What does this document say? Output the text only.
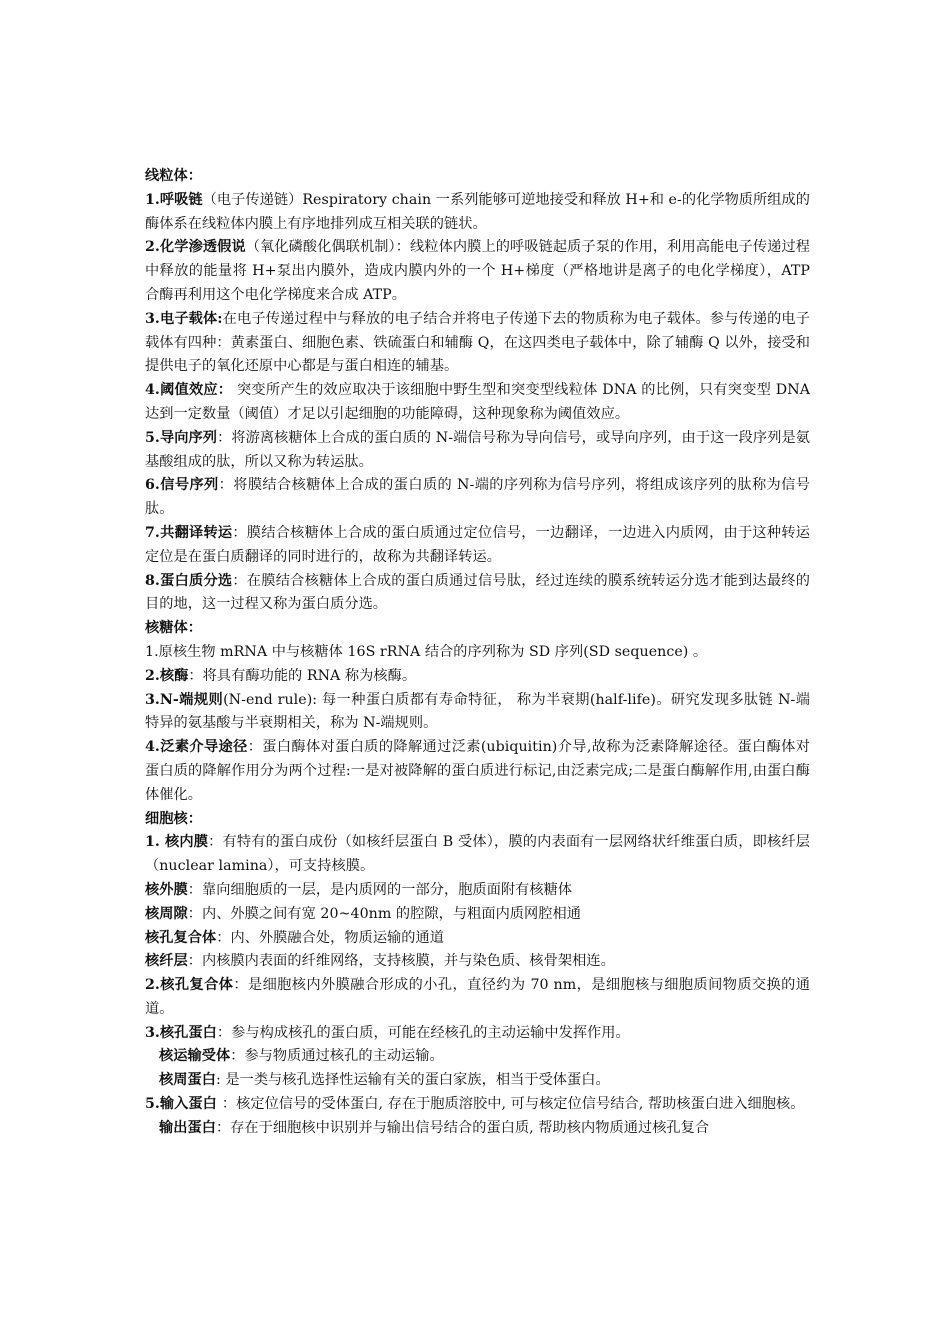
线粒体：

1.呼吸链（电子传递链）Respiratory chain 一系列能够可逆地接受和释放 H+和 e-的化学物质所组成的酶体系在线粒体内膜上有序地排列成互相关联的链状。

2.化学渗透假说（氧化磷酸化偶联机制）：线粒体内膜上的呼吸链起质子泵的作用，利用高能电子传递过程中释放的能量将 H+泵出内膜外，造成内膜内外的一个 H+梯度（严格地讲是离子的电化学梯度），ATP 合酶再利用这个电化学梯度来合成 ATP。

3.电子载体:在电子传递过程中与释放的电子结合并将电子传递下去的物质称为电子载体。参与传递的电子载体有四种：黄素蛋白、细胞色素、铁硫蛋白和辅酶 Q，在这四类电子载体中，除了辅酶 Q 以外，接受和提供电子的氧化还原中心都是与蛋白相连的辅基。

4.阈值效应： 突变所产生的效应取决于该细胞中野生型和突变型线粒体 DNA 的比例，只有突变型 DNA 达到一定数量（阈值）才足以引起细胞的功能障碍，这种现象称为阈值效应。

5.导向序列：将游离核糖体上合成的蛋白质的 N-端信号称为导向信号，或导向序列，由于这一段序列是氨基酸组成的肽，所以又称为转运肽。

6.信号序列：将膜结合核糖体上合成的蛋白质的 N-端的序列称为信号序列，将组成该序列的肽称为信号肽。

7.共翻译转运：膜结合核糖体上合成的蛋白质通过定位信号，一边翻译，一边进入内质网，由于这种转运定位是在蛋白质翻译的同时进行的，故称为共翻译转运。

8.蛋白质分选：在膜结合核糖体上合成的蛋白质通过信号肽，经过连续的膜系统转运分选才能到达最终的目的地，这一过程又称为蛋白质分选。

核糖体：

1.原核生物 mRNA 中与核糖体 16S rRNA 结合的序列称为 SD 序列(SD sequence) 。

2.核酶：将具有酶功能的 RNA 称为核酶。

3.N-端规则(N-end rule): 每一种蛋白质都有寿命特征， 称为半衰期(half-life)。研究发现多肽链 N-端特异的氨基酸与半衰期相关，称为 N-端规则。

4.泛素介导途径：蛋白酶体对蛋白质的降解通过泛素(ubiquitin)介导,故称为泛素降解途径。蛋白酶体对蛋白质的降解作用分为两个过程:一是对被降解的蛋白质进行标记,由泛素完成;二是蛋白酶解作用,由蛋白酶体催化。

细胞核：

1. 核内膜：有特有的蛋白成份（如核纤层蛋白 B 受体），膜的内表面有一层网络状纤维蛋白质，即核纤层（nuclear lamina），可支持核膜。

核外膜：靠向细胞质的一层，是内质网的一部分，胞质面附有核糖体

核周隙：内、外膜之间有宽 20~40nm 的腔隙，与粗面内质网腔相通

核孔复合体：内、外膜融合处，物质运输的通道

核纤层：内核膜内表面的纤维网络，支持核膜，并与染色质、核骨架相连。

2.核孔复合体：是细胞核内外膜融合形成的小孔，直径约为 70 nm，是细胞核与细胞质间物质交换的通道。

3.核孔蛋白：参与构成核孔的蛋白质，可能在经核孔的主动运输中发挥作用。

核运输受体：参与物质通过核孔的主动运输。

核周蛋白: 是一类与核孔选择性运输有关的蛋白家族，相当于受体蛋白。

5.输入蛋白 ：核定位信号的受体蛋白, 存在于胞质溶胶中, 可与核定位信号结合, 帮助核蛋白进入细胞核。

输出蛋白：存在于细胞核中识别并与输出信号结合的蛋白质, 帮助核内物质通过核孔复合
